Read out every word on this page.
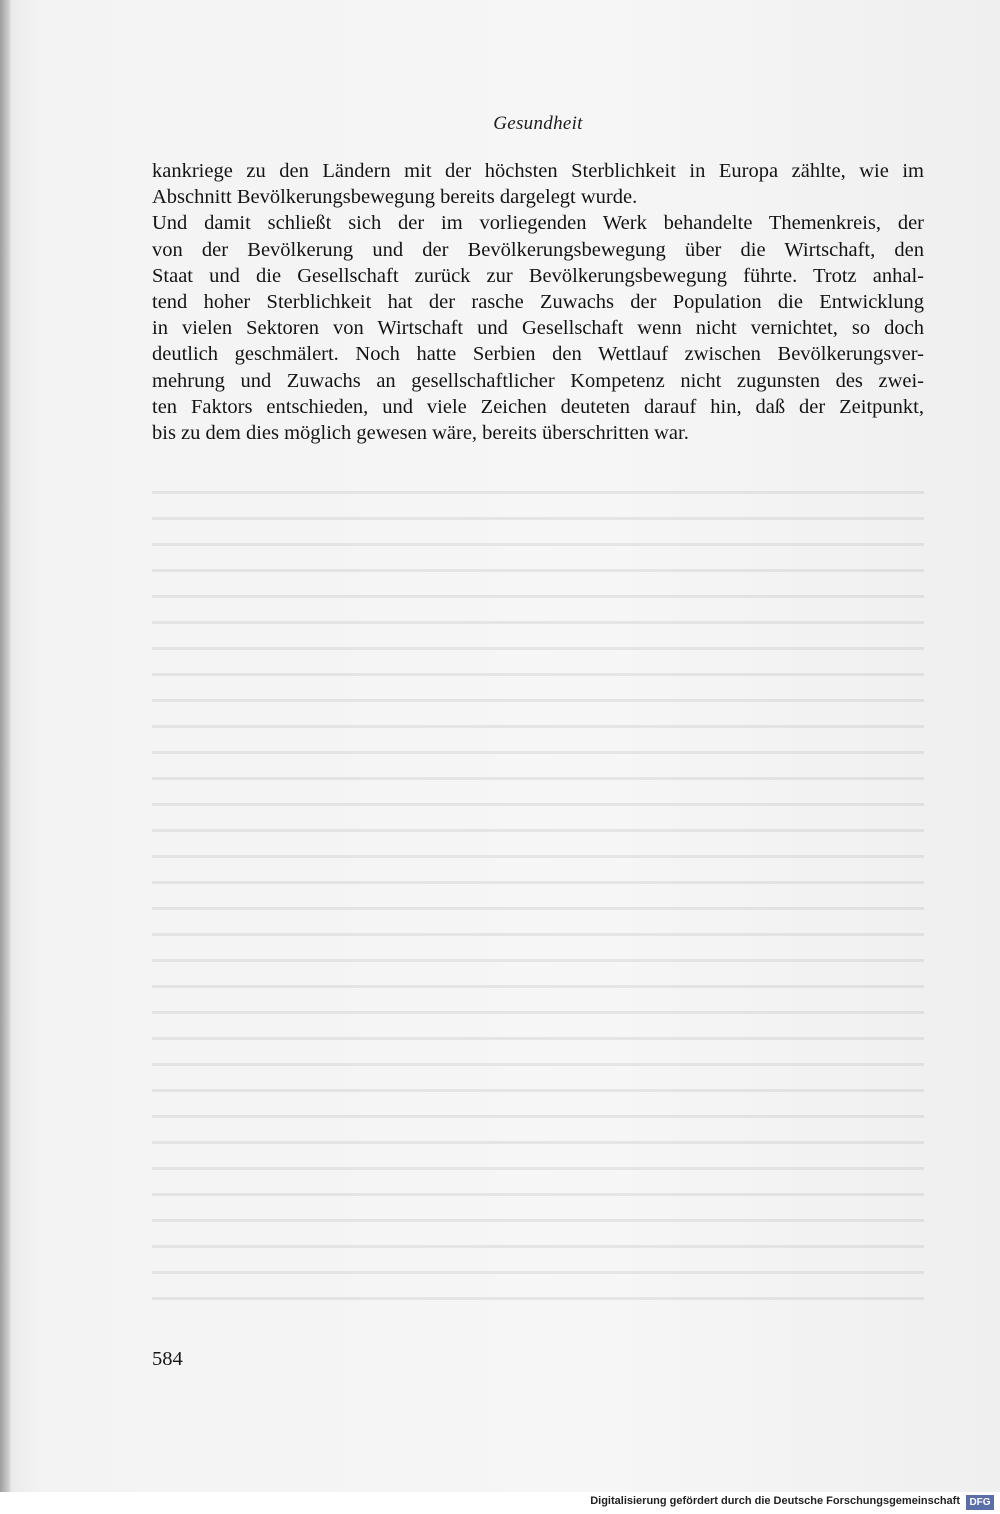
Gesundheit
kankriege zu den Ländern mit der höchsten Sterblichkeit in Europa zählte, wie im
Abschnitt Bevölkerungsbewegung bereits dargelegt wurde.
Und damit schließt sich der im vorliegenden Werk behandelte Themenkreis, der
von der Bevölkerung und der Bevölkerungsbewegung über die Wirtschaft, den
Staat und die Gesellschaft zurück zur Bevölkerungsbewegung führte. Trotz anhal-
tend hoher Sterblichkeit hat der rasche Zuwachs der Population die Entwicklung
in vielen Sektoren von Wirtschaft und Gesellschaft wenn nicht vernichtet, so doch
deutlich geschmälert. Noch hatte Serbien den Wettlauf zwischen Bevölkerungsver-
mehrung und Zuwachs an gesellschaftlicher Kompetenz nicht zugunsten des zwei-
ten Faktors entschieden, und viele Zeichen deuteten darauf hin, daß der Zeitpunkt,
bis zu dem dies möglich gewesen wäre, bereits überschritten war.
584
Digitalisierung gefördert durch die Deutsche Forschungsgemeinschaft DFG
